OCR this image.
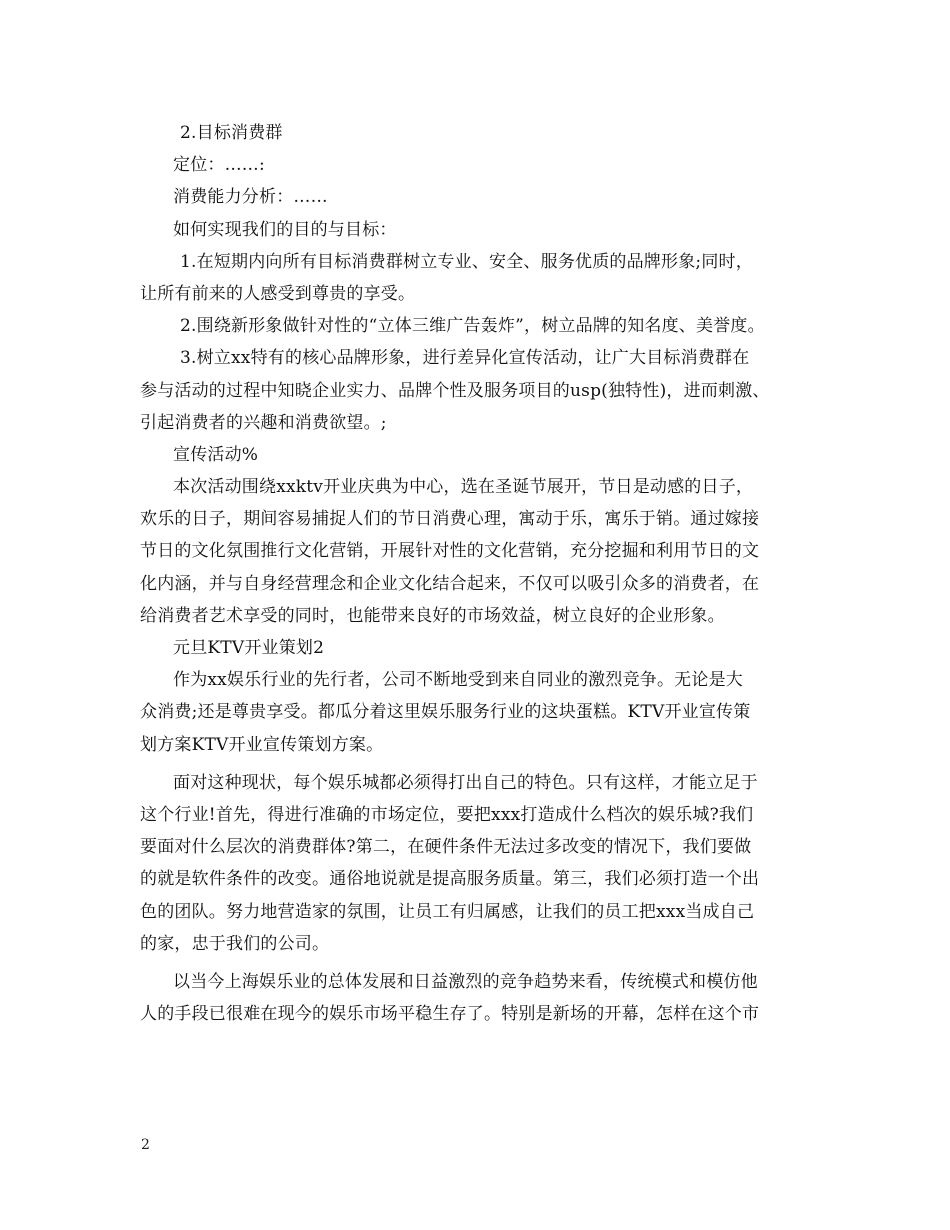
2.目标消费群
定位：……:
消费能力分析：……
如何实现我们的目的与目标：
1.在短期内向所有目标消费群树立专业、安全、服务优质的品牌形象;同时，
让所有前来的人感受到尊贵的享受。
2.围绕新形象做针对性的“立体三维广告轰炸”，树立品牌的知名度、美誉度。
3.树立xx特有的核心品牌形象，进行差异化宣传活动，让广大目标消费群在
参与活动的过程中知晓企业实力、品牌个性及服务项目的usp(独特性)，进而刺激、
引起消费者的兴趣和消费欲望。;
宣传活动%
本次活动围绕xxktv开业庆典为中心，选在圣诞节展开，节日是动感的日子，
欢乐的日子，期间容易捕捉人们的节日消费心理，寓动于乐，寓乐于销。通过嫁接
节日的文化氛围推行文化营销，开展针对性的文化营销，充分挖掘和利用节日的文
化内涵，并与自身经营理念和企业文化结合起来，不仅可以吸引众多的消费者，在
给消费者艺术享受的同时，也能带来良好的市场效益，树立良好的企业形象。
元旦KTV开业策划2
作为xx娱乐行业的先行者，公司不断地受到来自同业的激烈竞争。无论是大
众消费;还是尊贵享受。都瓜分着这里娱乐服务行业的这块蛋糕。KTV开业宣传策
划方案KTV开业宣传策划方案。
面对这种现状，每个娱乐城都必须得打出自己的特色。只有这样，才能立足于
这个行业!首先，得进行准确的市场定位，要把xxx打造成什么档次的娱乐城?我们
要面对什么层次的消费群体?第二，在硬件条件无法过多改变的情况下，我们要做
的就是软件条件的改变。通俗地说就是提高服务质量。第三，我们必须打造一个出
色的团队。努力地营造家的氛围，让员工有归属感，让我们的员工把xxx当成自己
的家，忠于我们的公司。
以当今上海娱乐业的总体发展和日益激烈的竞争趋势来看，传统模式和模仿他
人的手段已很难在现今的娱乐市场平稳生存了。特别是新场的开幕，怎样在这个市
2
